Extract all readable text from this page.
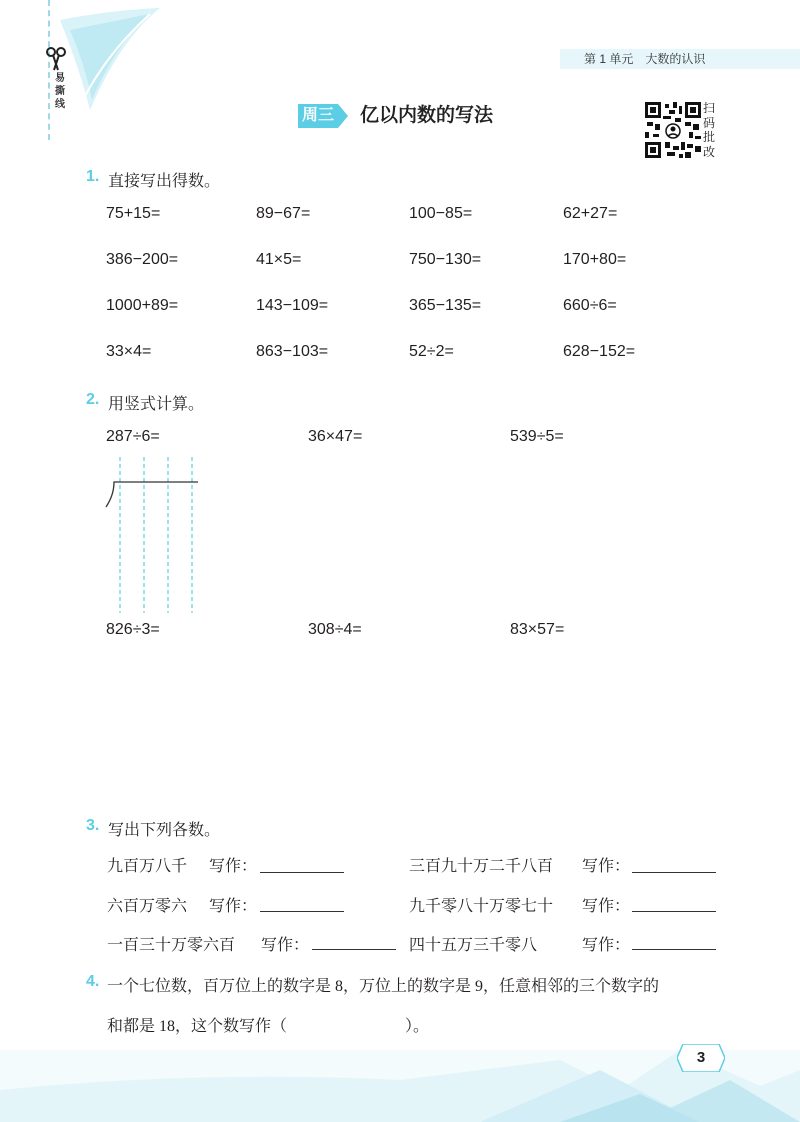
易撕线
第 1 单元　大数的认识
周三 亿以内数的写法	扫码批改
1. 直接写出得数。
75+15=	89−67=	100−85=	62+27=
386−200=	41×5=	750−130=	170+80=
1000+89=	143−109=	365−135=	660÷6=
33×4=	863−103=	52÷2=	628−152=
2. 用竖式计算。
287÷6=	36×47=	539÷5=
826÷3=	308÷4=	83×57=
3. 写出下列各数。
九百万八千 写作：	三百九十万二千八百 写作：
六百万零六 写作：	九千零八十万零七十 写作：
一百三十万零六百 写作：	四十五万三千零八	写作：
4. 一个七位数，百万位上的数字是 8，万位上的数字是 9，任意相邻的三个数字的
和都是 18，这个数写作（	）。
3
